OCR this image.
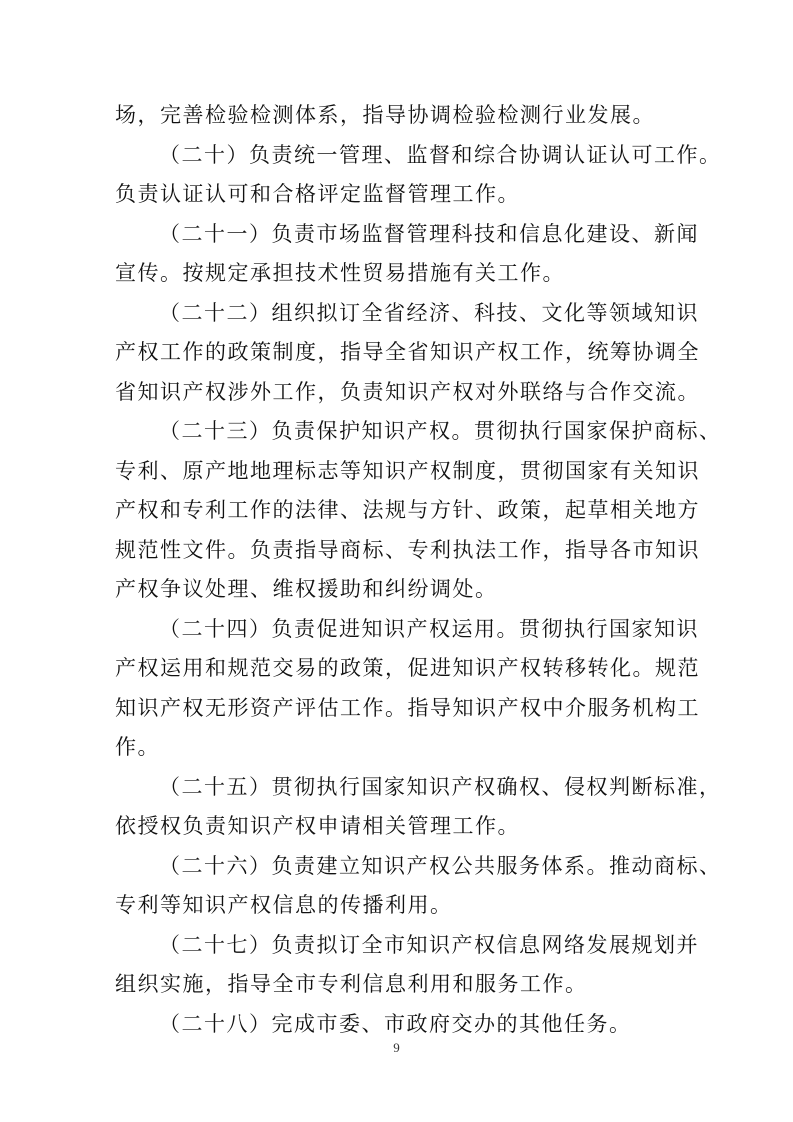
场，完善检验检测体系，指导协调检验检测行业发展。
（二十）负责统一管理、监督和综合协调认证认可工作。
负责认证认可和合格评定监督管理工作。
（二十一）负责市场监督管理科技和信息化建设、新闻
宣传。按规定承担技术性贸易措施有关工作。
（二十二）组织拟订全省经济、科技、文化等领域知识
产权工作的政策制度，指导全省知识产权工作，统筹协调全
省知识产权涉外工作，负责知识产权对外联络与合作交流。
（二十三）负责保护知识产权。贯彻执行国家保护商标、
专利、原产地地理标志等知识产权制度，贯彻国家有关知识
产权和专利工作的法律、法规与方针、政策，起草相关地方
规范性文件。负责指导商标、专利执法工作，指导各市知识
产权争议处理、维权援助和纠纷调处。
（二十四）负责促进知识产权运用。贯彻执行国家知识
产权运用和规范交易的政策，促进知识产权转移转化。规范
知识产权无形资产评估工作。指导知识产权中介服务机构工
作。
（二十五）贯彻执行国家知识产权确权、侵权判断标准，
依授权负责知识产权申请相关管理工作。
（二十六）负责建立知识产权公共服务体系。推动商标、
专利等知识产权信息的传播利用。
（二十七）负责拟订全市知识产权信息网络发展规划并
组织实施，指导全市专利信息利用和服务工作。
（二十八）完成市委、市政府交办的其他任务。
9
